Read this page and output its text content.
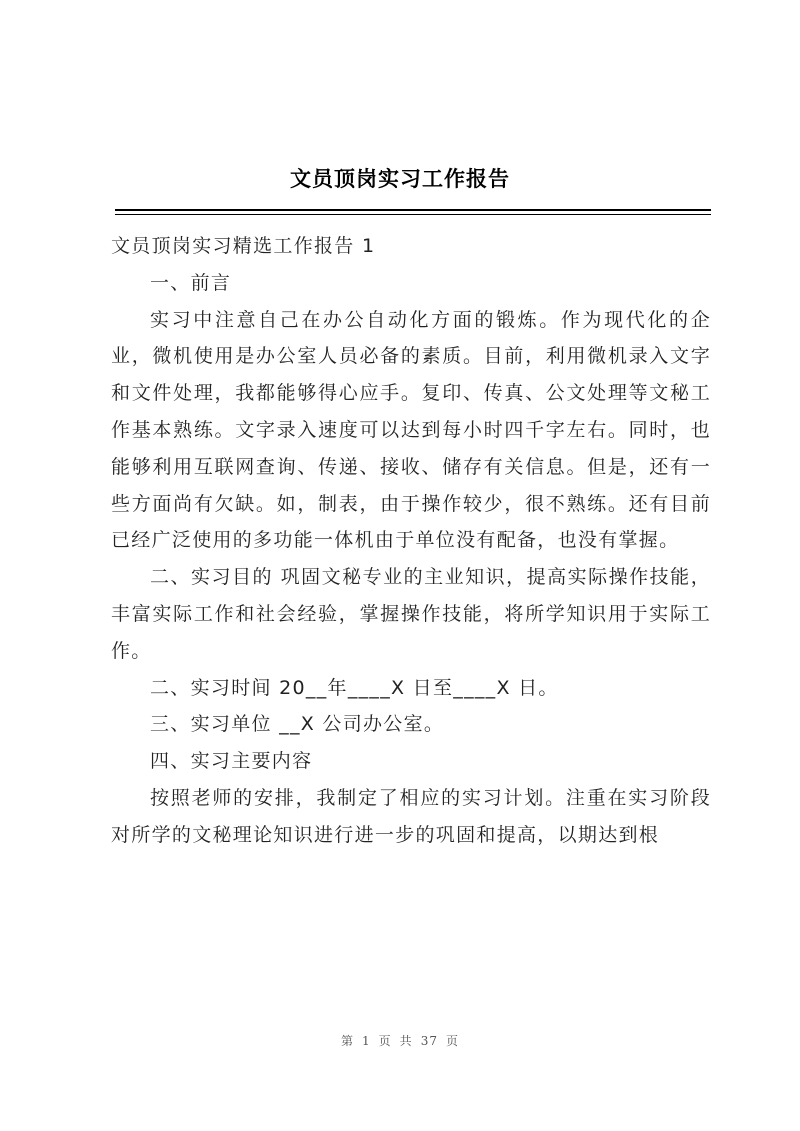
文员顶岗实习工作报告

文员顶岗实习精选工作报告 1

一、前言

实习中注意自己在办公自动化方面的锻炼。作为现代化的企业，微机使用是办公室人员必备的素质。目前，利用微机录入文字和文件处理，我都能够得心应手。复印、传真、公文处理等文秘工作基本熟练。文字录入速度可以达到每小时四千字左右。同时，也能够利用互联网查询、传递、接收、储存有关信息。但是，还有一些方面尚有欠缺。如，制表，由于操作较少，很不熟练。还有目前已经广泛使用的多功能一体机由于单位没有配备，也没有掌握。

二、实习目的 巩固文秘专业的主业知识，提高实际操作技能，丰富实际工作和社会经验，掌握操作技能，将所学知识用于实际工作。

二、实习时间 20__年____X 日至____X 日。

三、实习单位 __X 公司办公室。

四、实习主要内容

按照老师的安排，我制定了相应的实习计划。注重在实习阶段对所学的文秘理论知识进行进一步的巩固和提高，以期达到根

第 1 页 共 37 页
